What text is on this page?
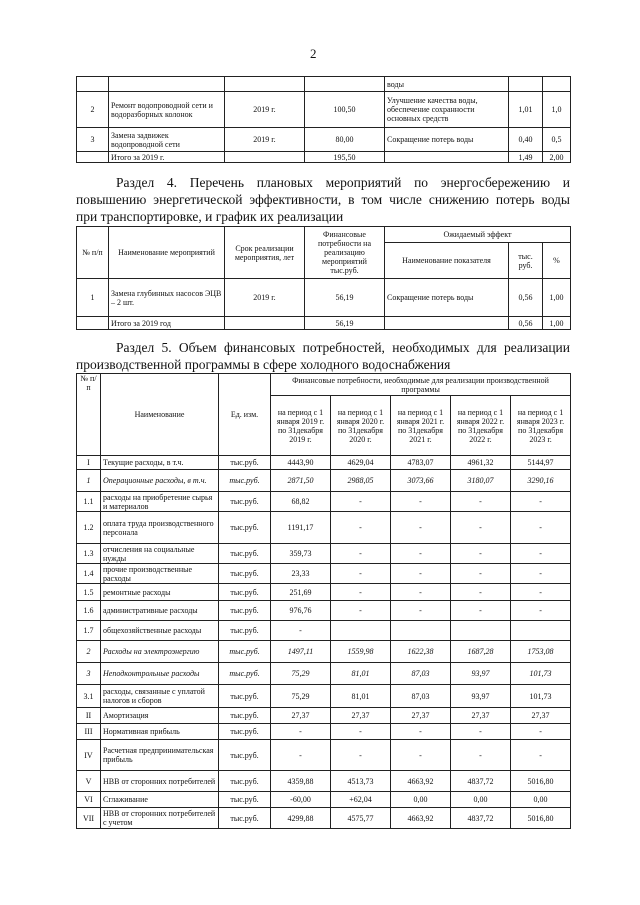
2
				воды		
2	Ремонт водопроводной сети и водоразборных колонок	2019 г.	100,50	Улучшение качества воды, обеспечение сохранности основных средств	1,01	1,0
3	Замена задвижек водопроводной сети	2019 г.	80,00	Сокращение потерь воды	0,40	0,5
	Итого за 2019 г.		195,50		1,49	2,00
Раздел 4. Перечень плановых мероприятий по энергосбережению и
повышению энергетической эффективности, в том числе снижению потерь воды
при транспортировке, и график их реализации
№ п/п	Наименование мероприятий	Срок реализации мероприятия, лет	Финансовые потребности на реализацию мероприятий тыс.руб.	Ожидаемый эффект		
				Наименование показателя	тыс. руб.	%
1	Замена глубинных насосов ЭЦВ – 2 шт.	2019 г.	56,19	Сокращение потерь воды	0,56	1,00
	Итого за 2019 год		56,19		0,56	1,00
Раздел 5. Объем финансовых потребностей, необходимых для реализации
производственной программы в сфере холодного водоснабжения
№ п/п	Наименование	Ед. изм.	Финансовые потребности, необходимые для реализации производственной программы				
			на период с 1 января 2019 г. по 31декабря 2019 г.	на период с 1 января 2020 г. по 31декабря 2020 г.	на период с 1 января 2021 г. по 31декабря 2021 г.	на период с 1 января 2022 г. по 31декабря 2022 г.	на период с 1 января 2023 г. по 31декабря 2023 г.
I	Текущие расходы, в т.ч.	тыс.руб.	4443,90	4629,04	4783,07	4961,32	5144,97
1	Операционные расходы, в т.ч.	тыс.руб.	2871,50	2988,05	3073,66	3180,07	3290,16
1.1	расходы на приобретение сырья и материалов	тыс.руб.	68,82	-	-	-	-
1.2	оплата труда производственного персонала	тыс.руб.	1191,17	-	-	-	-
1.3	отчисления на социальные нужды	тыс.руб.	359,73	-	-	-	-
1.4	прочие производственные расходы	тыс.руб.	23,33	-	-	-	-
1.5	ремонтные расходы	тыс.руб.	251,69	-	-	-	-
1.6	административные расходы	тыс.руб.	976,76	-	-	-	-
1.7	общехозяйственные расходы	тыс.руб.	-				
2	Расходы на электроэнергию	тыс.руб.	1497,11	1559,98	1622,38	1687,28	1753,08
3	Неподконтрольные расходы	тыс.руб.	75,29	81,01	87,03	93,97	101,73
3.1	расходы, связанные с уплатой налогов и сборов	тыс.руб.	75,29	81,01	87,03	93,97	101,73
II	Амортизация	тыс.руб.	27,37	27,37	27,37	27,37	27,37
III	Нормативная прибыль	тыс.руб.	-	-	-	-	-
IV	Расчетная предпринимательская прибыль	тыс.руб.	-	-	-	-	-
V	НВВ от сторонних потребителей	тыс.руб.	4359,88	4513,73	4663,92	4837,72	5016,80
VI	Сглаживание	тыс.руб.	-60,00	+62,04	0,00	0,00	0,00
VII	НВВ от сторонних потребителей с учетом	тыс.руб.	4299,88	4575,77	4663,92	4837,72	5016,80
